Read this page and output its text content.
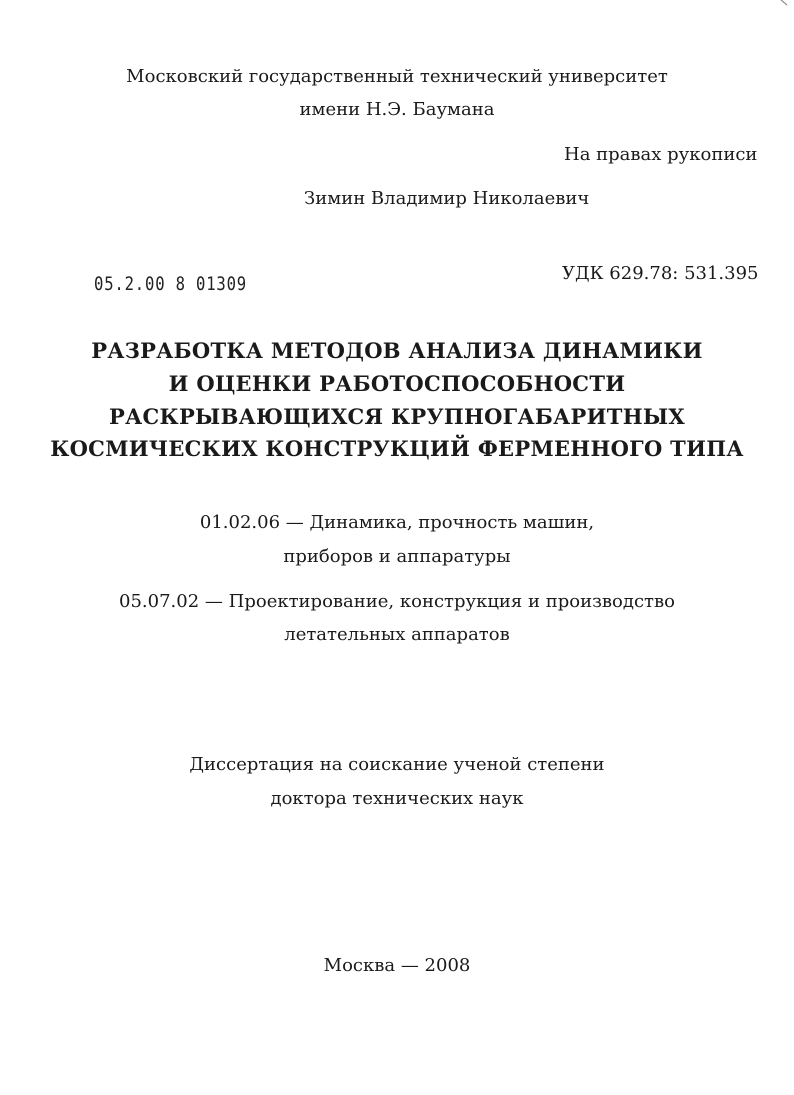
Московский государственный технический университет
имени Н.Э. Баумана
На правах рукописи
Зимин Владимир Николаевич
05.2.00 8 01309	УДК 629.78: 531.395
РАЗРАБОТКА МЕТОДОВ АНАЛИЗА ДИНАМИКИ
И ОЦЕНКИ РАБОТОСПОСОБНОСТИ
РАСКРЫВАЮЩИХСЯ КРУПНОГАБАРИТНЫХ
КОСМИЧЕСКИХ КОНСТРУКЦИЙ ФЕРМЕННОГО ТИПА
01.02.06 — Динамика, прочность машин,
приборов и аппаратуры
05.07.02 — Проектирование, конструкция и производство
летательных аппаратов
Диссертация на соискание ученой степени
доктора технических наук
Москва — 2008
